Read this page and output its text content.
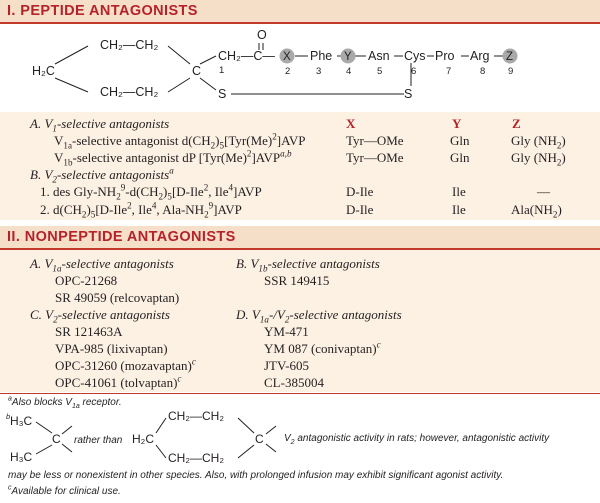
I. PEPTIDE ANTAGONISTS
CH₂—CH₂
H₂C
CH₂—CH₂
C
CH₂—C—
O
S
Phe	Asn Cys Pro Arg
S
X	Y	Z
1	2	3	4	5	6	7	8 9
A. $V_1$-selective antagonists	X	Y	Z
$V_{1a}$-selective antagonist $d(CH_2)_5[Tyr(Me)^2]AVP$	Tyr—OMe	Gln	Gly $(NH_2)$
$V_{1b}$-selective antagonist dP $[Tyr(Me)^2]AVP^{a,b}$	Tyr—OMe	Gln	Gly $(NH_2)$
B. $V_2$-selective antagonists$^a$
1. des Gly-$NH_2^9-d(CH_2)_5[D-Ile^2$, Ile$^4$]AVP	D-Ile	Ile	—
2. $d(CH_2)_5[D-Ile^2$, Ile$^4$, Ala-$NH_2^9]AVP$	D-Ile	Ile	$Ala(NH_2)$
II. NONPEPTIDE ANTAGONISTS
A. $V_{1a}$-selective antagonists
OPC-21268
SR 49059 (relcovaptan)
B. $V_{1b}$-selective antagonists
SSR 149415
C. $V_2$-selective antagonists
SR 121463A
VPA-985 (lixivaptan)
OPC-31260 (mozavaptan)$^c$
OPC-41061 (tolvaptan)$^c$
D. $V_{1a}-/V_2$-selective antagonists
YM-471
YM 087 (conivaptan)$^c$
JTV-605
CL-385004
$^a$Also blocks $V_{1a}$ receptor.
b H₃C
H₃C
C	H₂C
CH₂—CH₂
CH₂—CH₂
C
rather than	$V_2$ antagonistic activity in rats; however, antagonistic activity
may be less or nonexistent in other species. Also, with prolonged infusion may exhibit significant agonist activity.
$^c$Available for clinical use.
